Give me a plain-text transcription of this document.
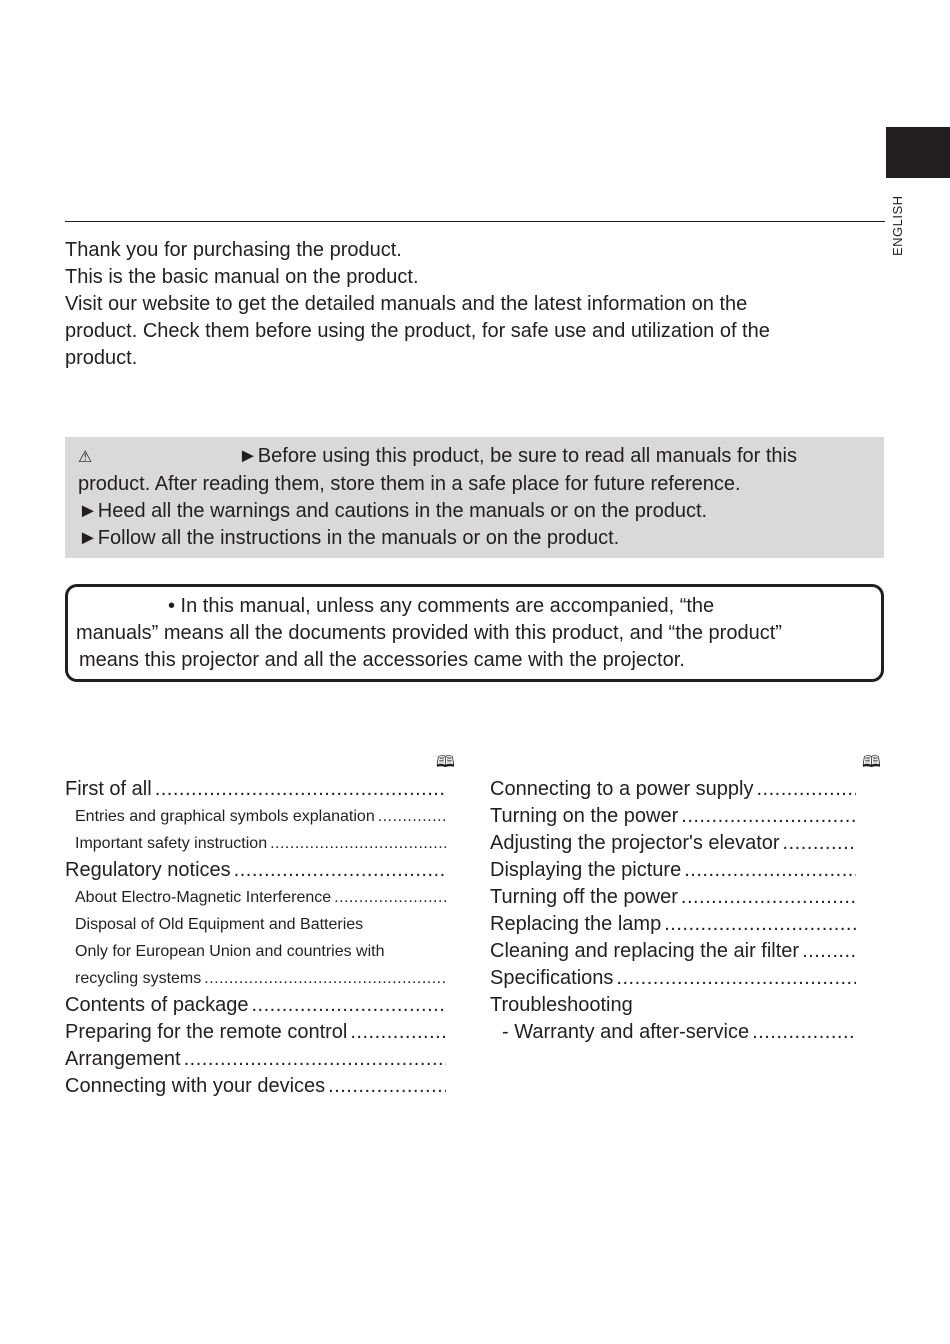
ENGLISH
Thank you for purchasing the product.
This is the basic manual on the product.
Visit our website to get the detailed manuals and the latest information on the
product. Check them before using the product, for safe use and utilization of the
product.
⚠	►Before using this product, be sure to read all manuals for this
product. After reading them, store them in a safe place for future reference.
►Heed all the warnings and cautions in the manuals or on the product.
►Follow all the instructions in the manuals or on the product.
• In this manual, unless any comments are accompanied, “the
manuals” means all the documents provided with this product, and “the product”
means this projector and all the accessories came with the projector.
🕮	🕮
First of all
.....
Entries and graphical symbols explanation
.....
Important safety instruction
.....
Regulatory notices
.....
About Electro-Magnetic Interference
.....
Disposal of Old Equipment and Batteries
Only for European Union and countries with
recycling systems
.....
Contents of package
.....
Preparing for the remote control
.....
Arrangement
.....
Connecting with your devices
.....
Connecting to a power supply
.....
Turning on the power
.....
Adjusting the projector's elevator
.....
Displaying the picture
.....
Turning off the power
.....
Replacing the lamp
.....
Cleaning and replacing the air filter
.....
Specifications
.....
Troubleshooting
- Warranty and after-service
.....
